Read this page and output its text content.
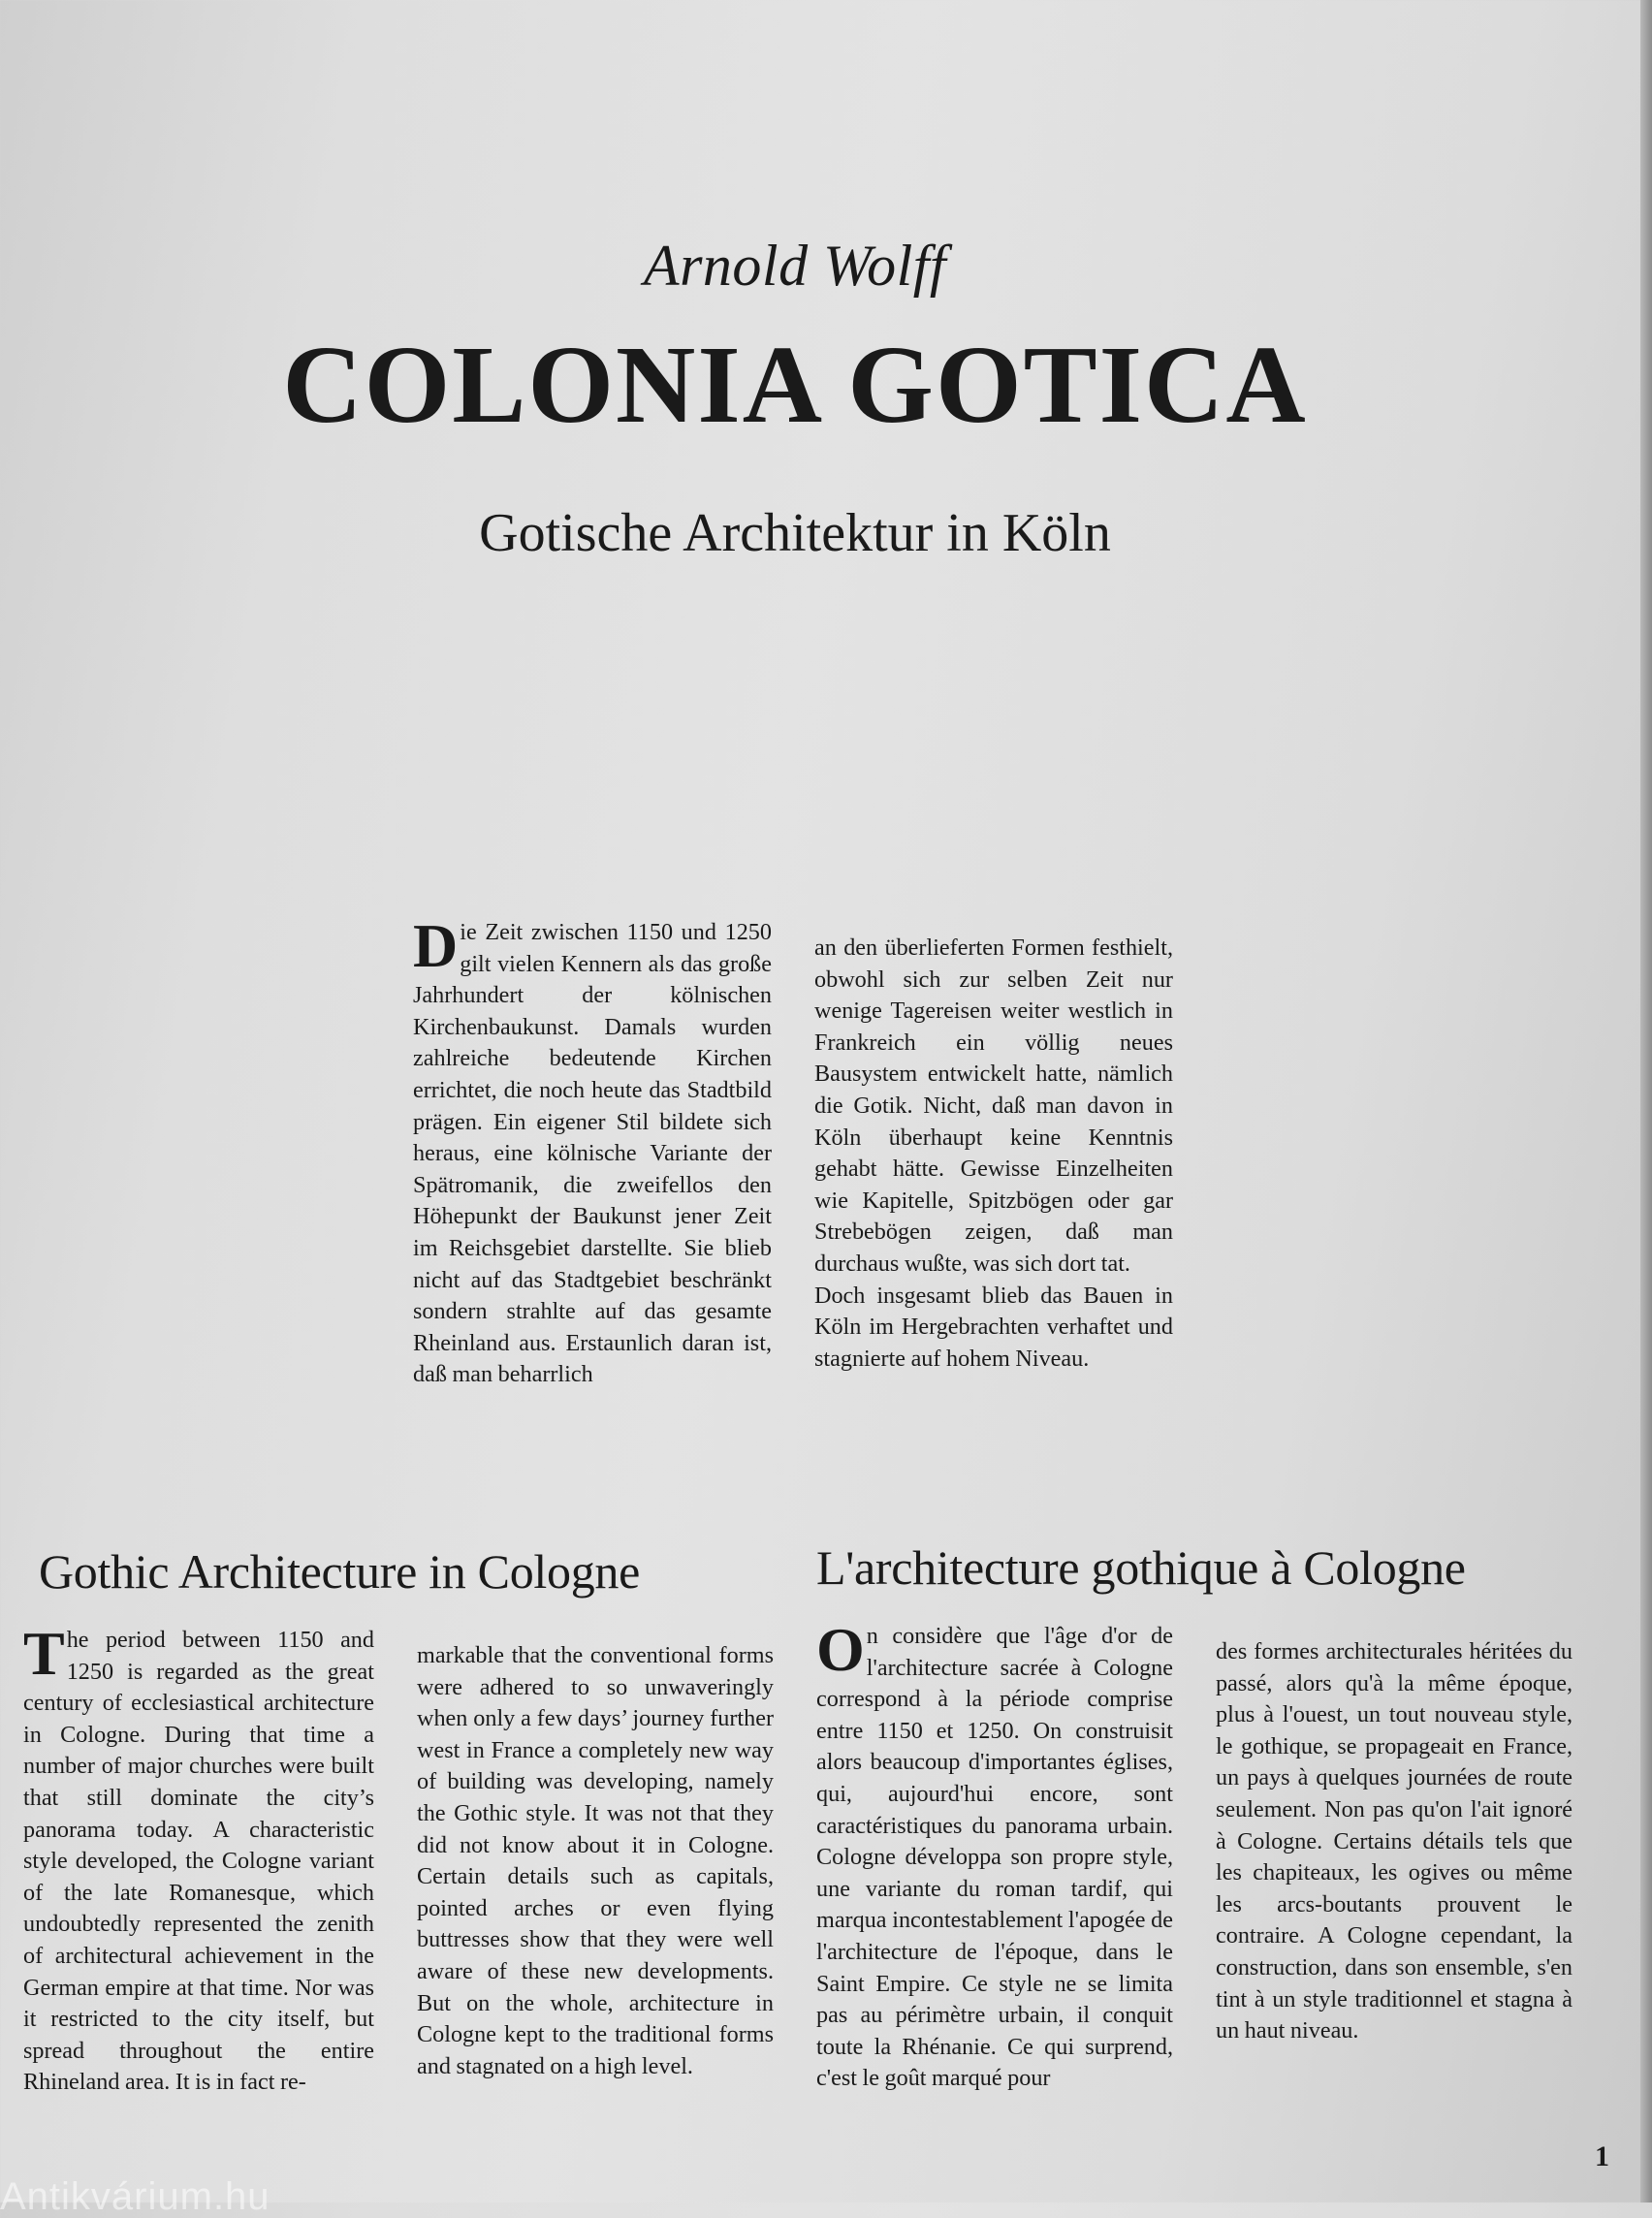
Arnold Wolff
COLONIA GOTICA
Gotische Architektur in Köln

Die Zeit zwischen 1150 und 1250 gilt vielen Kennern als das große Jahrhundert der kölnischen Kirchenbaukunst. Damals wurden zahlreiche bedeutende Kirchen errichtet, die noch heute das Stadtbild prägen. Ein eigener Stil bildete sich heraus, eine kölnische Variante der Spätromanik, die zweifellos den Höhepunkt der Baukunst jener Zeit im Reichsgebiet darstellte. Sie blieb nicht auf das Stadtgebiet beschränkt sondern strahlte auf das gesamte Rheinland aus. Erstaunlich daran ist, daß man beharrlich

an den überlieferten Formen festhielt, obwohl sich zur selben Zeit nur wenige Tagereisen weiter westlich in Frankreich ein völlig neues Bausystem entwickelt hatte, nämlich die Gotik. Nicht, daß man davon in Köln überhaupt keine Kenntnis gehabt hätte. Gewisse Einzelheiten wie Kapitelle, Spitzbögen oder gar Strebebögen zeigen, daß man durchaus wußte, was sich dort tat.

Doch insgesamt blieb das Bauen in Köln im Hergebrachten verhaftet und stagnierte auf hohem Niveau.

Gothic Architecture in Cologne

The period between 1150 and 1250 is regarded as the great century of ecclesiastical architecture in Cologne. During that time a number of major churches were built that still dominate the city’s panorama today. A characteristic style developed, the Cologne variant of the late Romanesque, which undoubtedly represented the zenith of architectural achievement in the German empire at that time. Nor was it restricted to the city itself, but spread throughout the entire Rhineland area. It is in fact re-

markable that the conventional forms were adhered to so unwaveringly when only a few days’ journey further west in France a completely new way of building was developing, namely the Gothic style. It was not that they did not know about it in Cologne. Certain details such as capitals, pointed arches or even flying buttresses show that they were well aware of these new developments. But on the whole, architecture in Cologne kept to the traditional forms and stagnated on a high level.

L'architecture gothique à Cologne

On considère que l'âge d'or de l'architecture sacrée à Cologne correspond à la période comprise entre 1150 et 1250. On construisit alors beaucoup d'importantes églises, qui, aujourd'hui encore, sont caractéristiques du panorama urbain. Cologne développa son propre style, une variante du roman tardif, qui marqua incontestablement l'apogée de l'architecture de l'époque, dans le Saint Empire. Ce style ne se limita pas au périmètre urbain, il conquit toute la Rhénanie. Ce qui surprend, c'est le goût marqué pour

des formes architecturales héritées du passé, alors qu'à la même époque, plus à l'ouest, un tout nouveau style, le gothique, se propageait en France, un pays à quelques journées de route seulement. Non pas qu'on l'ait ignoré à Cologne. Certains détails tels que les chapiteaux, les ogives ou même les arcs-boutants prouvent le contraire. A Cologne cependant, la construction, dans son ensemble, s'en tint à un style traditionnel et stagna à un haut niveau.

1
Antikvárium.hu
